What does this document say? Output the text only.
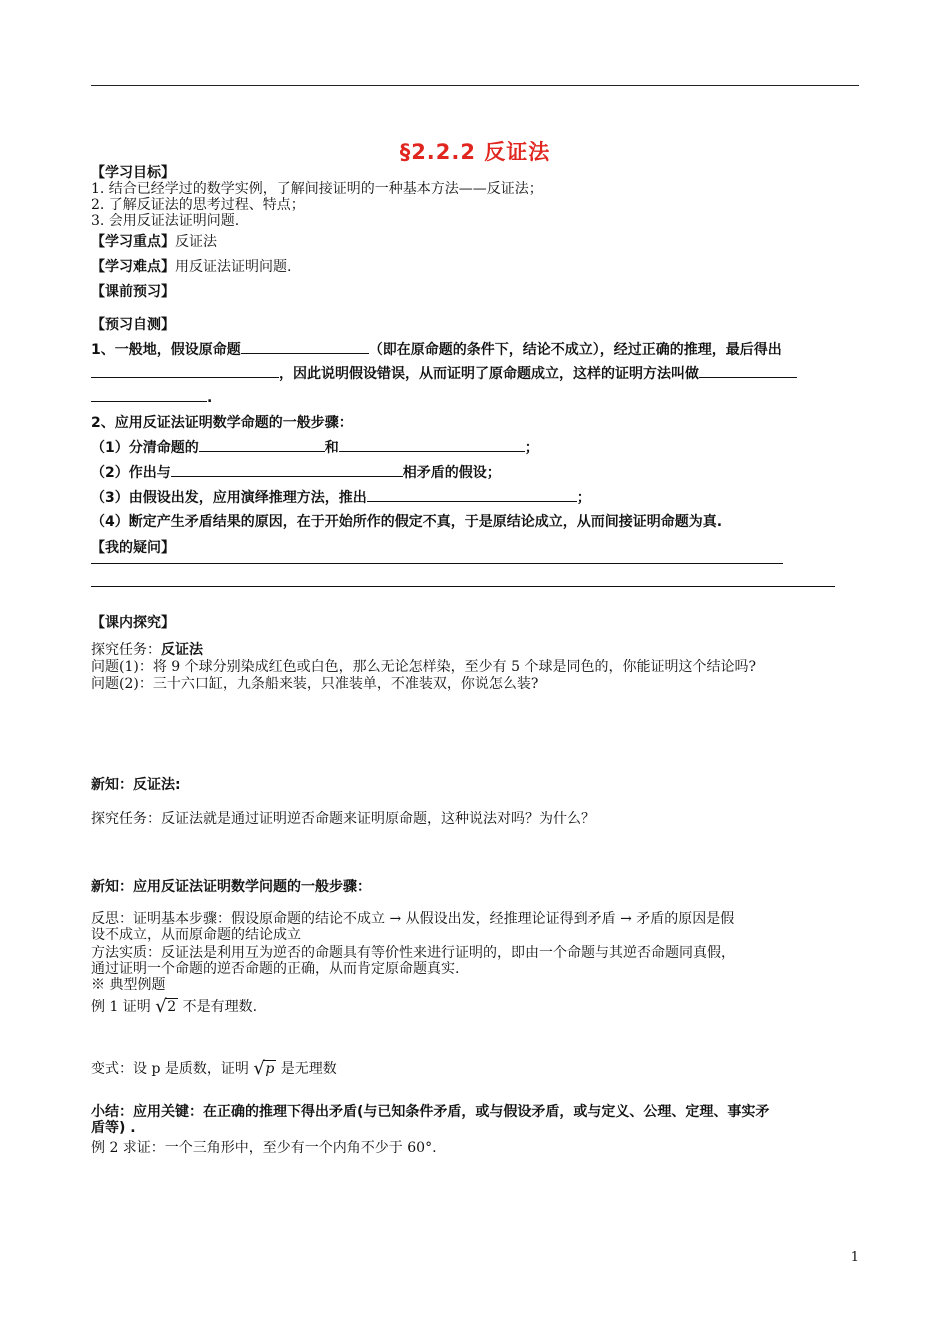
§2.2.2 反证法
【学习目标】
1. 结合已经学过的数学实例，了解间接证明的一种基本方法——反证法；
2. 了解反证法的思考过程、特点；
3. 会用反证法证明问题.
【学习重点】反证法
【学习难点】用反证法证明问题.
【课前预习】
【预习自测】
1、一般地，假设原命题	（即在原命题的条件下，结论不成立），经过正确的推理，最后得出
，因此说明假设错误，从而证明了原命题成立，这样的证明方法叫做
.
2、应用反证法证明数学命题的一般步骤：
（1）分清命题的	和	；
（2）作出与	相矛盾的假设；
（3）由假设出发，应用演绎推理方法，推出	；
（4）断定产生矛盾结果的原因，在于开始所作的假定不真，于是原结论成立，从而间接证明命题为真.
【我的疑问】
【课内探究】
探究任务：反证法
问题(1)：将 9 个球分别染成红色或白色，那么无论怎样染，至少有 5 个球是同色的，你能证明这个结论吗?
问题(2)：三十六口缸，九条船来装，只准装单，不准装双，你说怎么装?
新知：反证法:
探究任务：反证法就是通过证明逆否命题来证明原命题，这种说法对吗？为什么？
新知：应用反证法证明数学问题的一般步骤：
反思：证明基本步骤：假设原命题的结论不成立 → 从假设出发，经推理论证得到矛盾 → 矛盾的原因是假
设不成立，从而原命题的结论成立
方法实质：反证法是利用互为逆否的命题具有等价性来进行证明的，即由一个命题与其逆否命题同真假，
通过证明一个命题的逆否命题的正确，从而肯定原命题真实.
※ 典型例题
例 1 证明 √ 2 不是有理数.
变式：设 p 是质数，证明 √ p 是无理数
小结：应用关键：在正确的推理下得出矛盾(与已知条件矛盾，或与假设矛盾，或与定义、公理、定理、事实矛
盾等) .
例 2 求证：一个三角形中，至少有一个内角不少于 60°.
1
